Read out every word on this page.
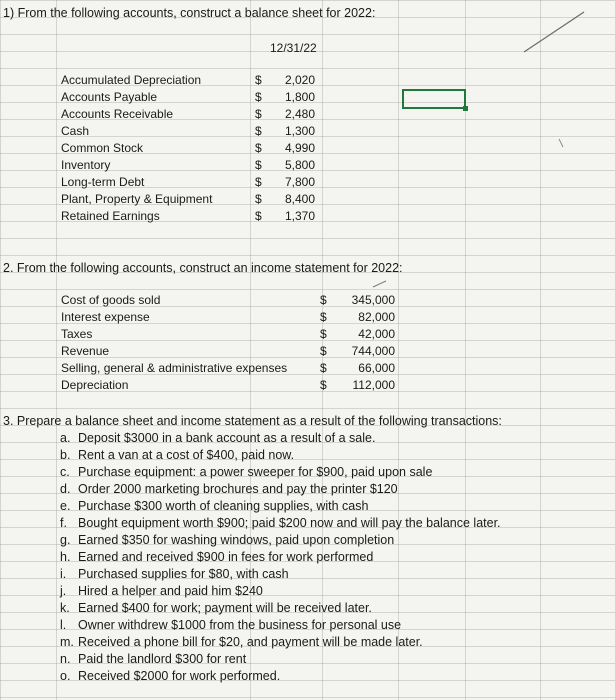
1) From the following accounts, construct a balance sheet for 2022:
12/31/22
Accumulated Depreciation	$	2,020
Accounts Payable	$	1,800
Accounts Receivable	$	2,480
Cash	$	1,300
Common Stock	$	4,990
Inventory	$	5,800
Long-term Debt	$	7,800
Plant, Property & Equipment	$	8,400
Retained Earnings	$	1,370
2. From the following accounts, construct an income statement for 2022:
Cost of goods sold	$	345,000
Interest expense	$	82,000
Taxes	$	42,000
Revenue	$	744,000
Selling, general & administrative expenses	$	66,000
Depreciation	$	112,000
3. Prepare a balance sheet and income statement as a result of the following transactions:
a. Deposit $3000 in a bank account as a result of a sale.
b. Rent a van at a cost of $400, paid now.
c. Purchase equipment: a power sweeper for $900, paid upon sale
d. Order 2000 marketing brochures and pay the printer $120
e. Purchase $300 worth of cleaning supplies, with cash
f. Bought equipment worth $900; paid $200 now and will pay the balance later.
g. Earned $350 for washing windows, paid upon completion
h. Earned and received $900 in fees for work performed
i. Purchased supplies for $80, with cash
j. Hired a helper and paid him $240
k. Earned $400 for work; payment will be received later.
l. Owner withdrew $1000 from the business for personal use
m. Received a phone bill for $20, and payment will be made later.
n. Paid the landlord $300 for rent
o. Received $2000 for work performed.
